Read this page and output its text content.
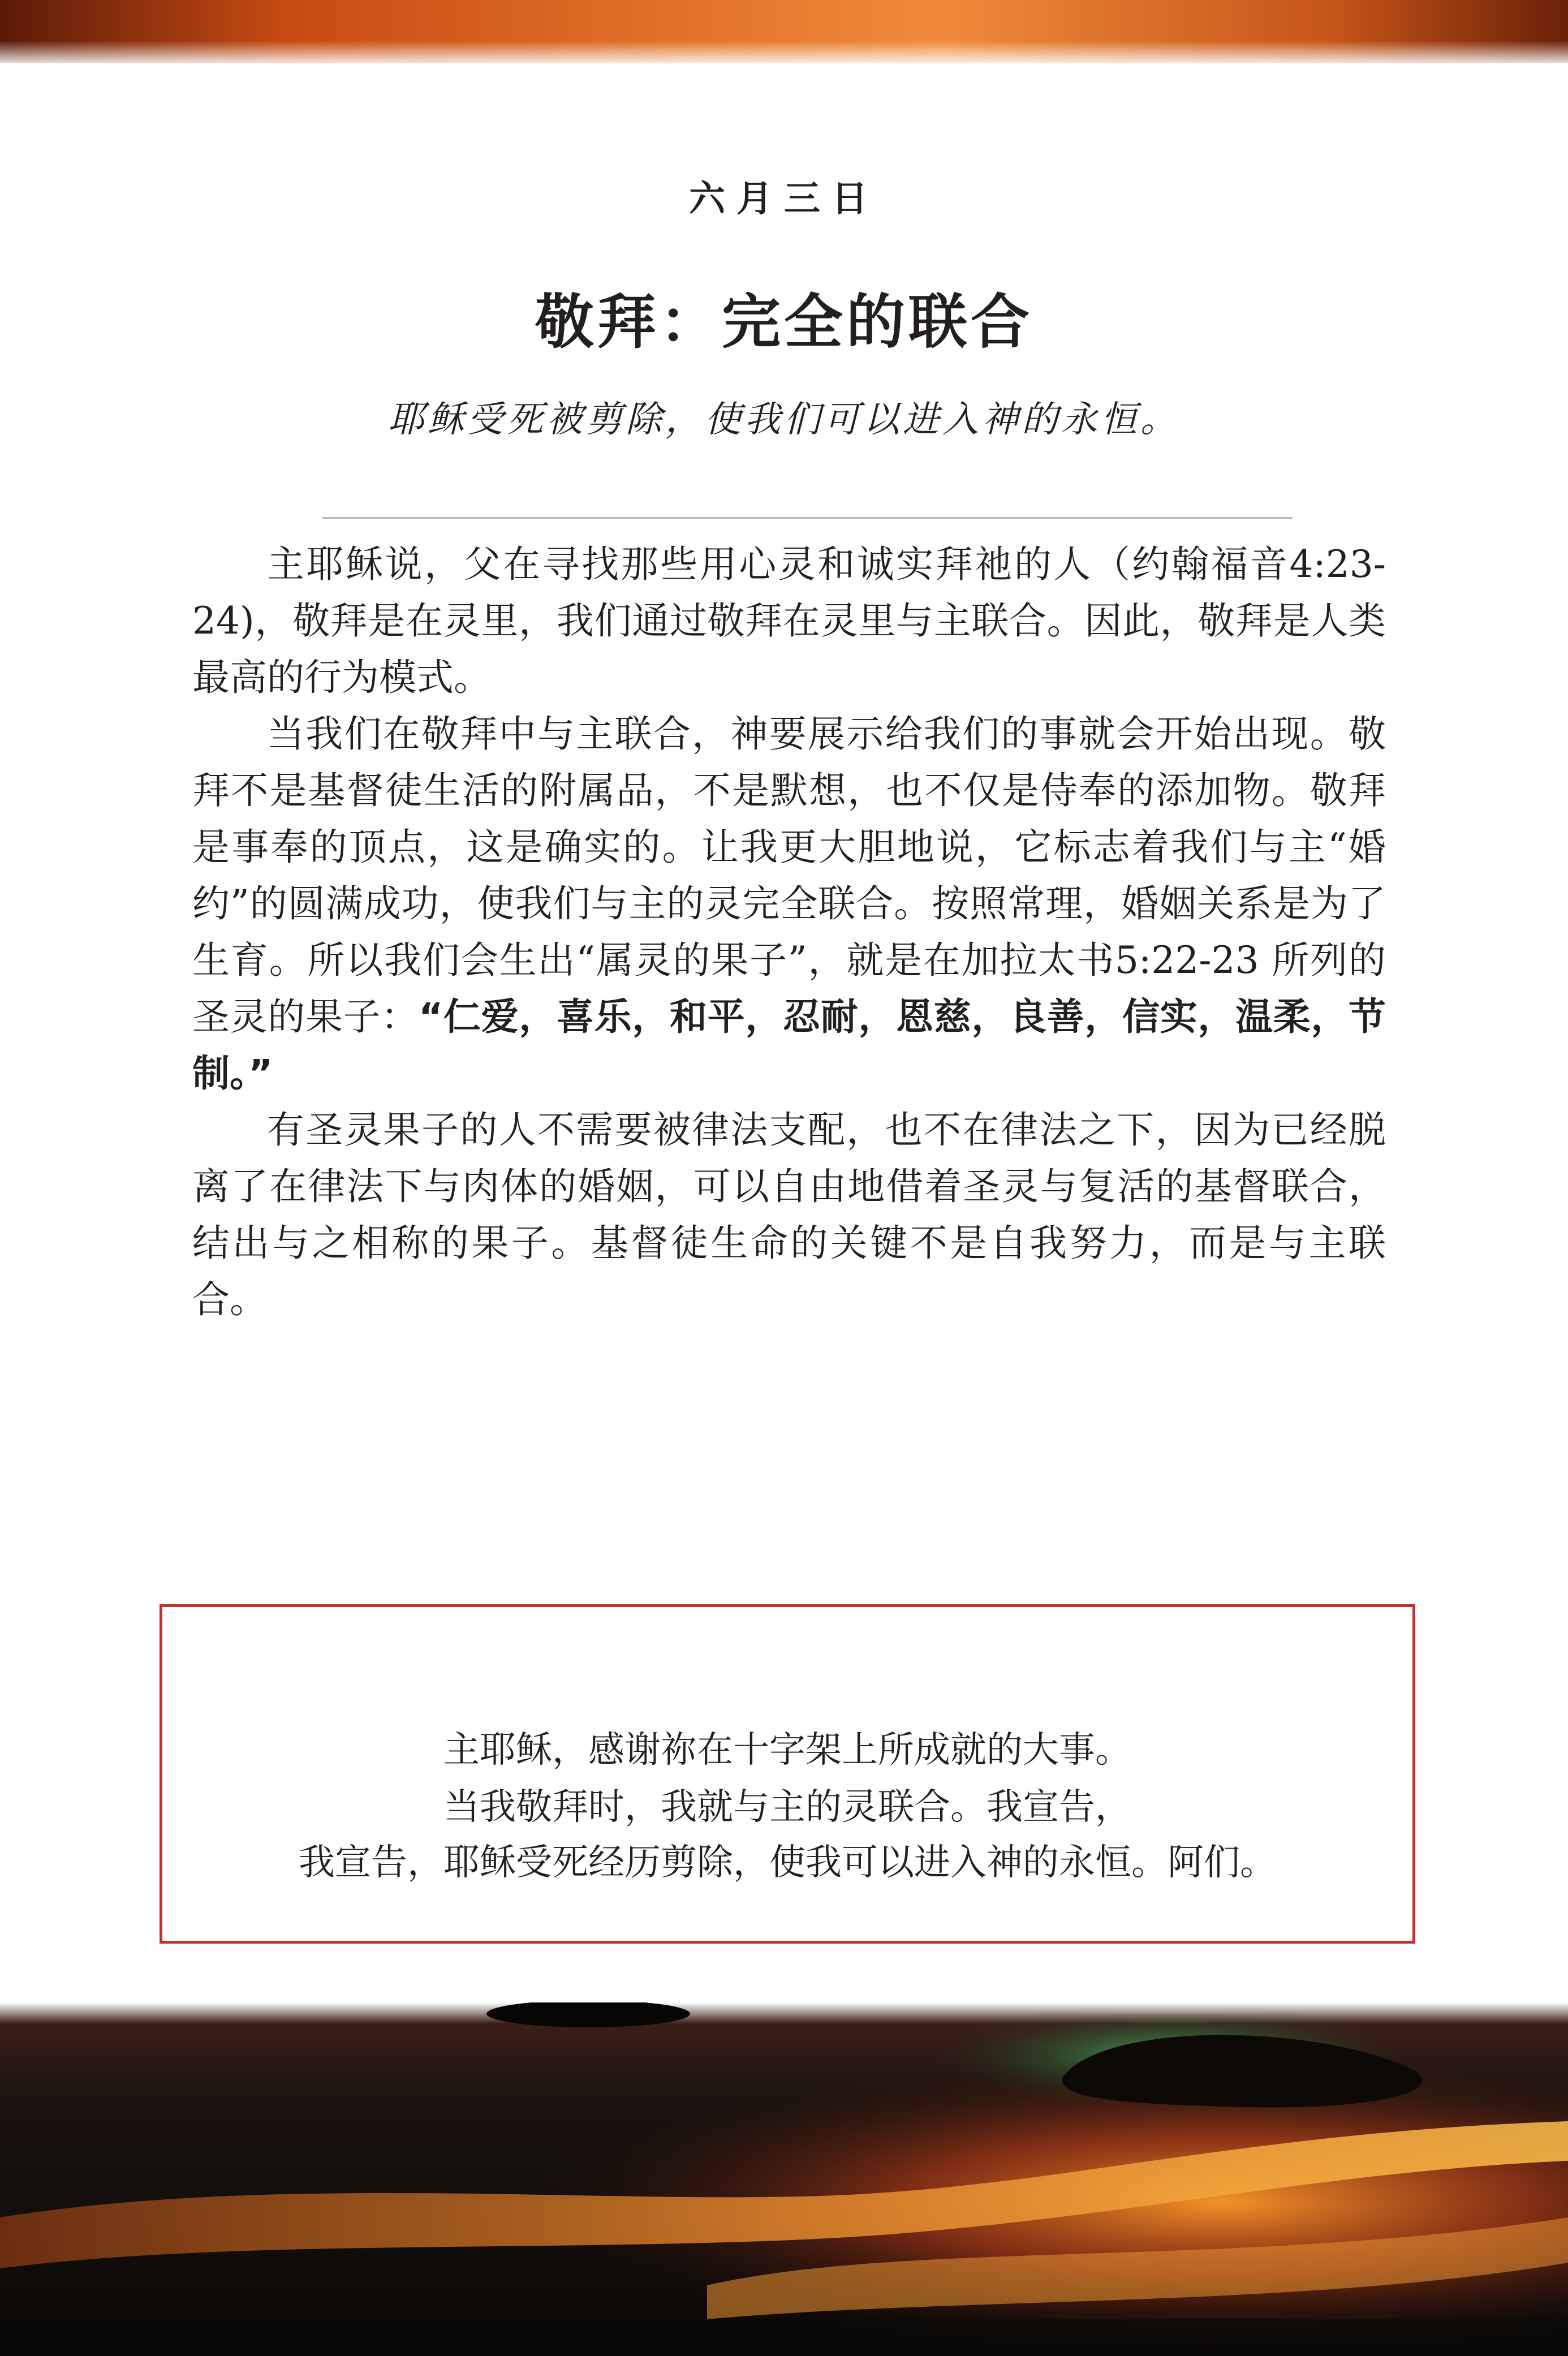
六月三日
敬拜：完全的联合
耶稣受死被剪除，使我们可以进入神的永恒。

主耶稣说，父在寻找那些用心灵和诚实拜祂的人（约翰福音4:23-24)，敬拜是在灵里，我们通过敬拜在灵里与主联合。因此，敬拜是人类最高的行为模式。

当我们在敬拜中与主联合，神要展示给我们的事就会开始出现。敬拜不是基督徒生活的附属品，不是默想，也不仅是侍奉的添加物。敬拜是事奉的顶点，这是确实的。让我更大胆地说，它标志着我们与主“婚约”的圆满成功，使我们与主的灵完全联合。按照常理，婚姻关系是为了生育。所以我们会生出“属灵的果子”，就是在加拉太书5:22-23 所列的圣灵的果子：“仁爱，喜乐，和平，忍耐，恩慈，良善，信实，温柔，节制。”

有圣灵果子的人不需要被律法支配，也不在律法之下，因为已经脱离了在律法下与肉体的婚姻，可以自由地借着圣灵与复活的基督联合，结出与之相称的果子。基督徒生命的关键不是自我努力，而是与主联合。

主耶稣，感谢祢在十字架上所成就的大事。
当我敬拜时，我就与主的灵联合。我宣告，
我宣告，耶稣受死经历剪除，使我可以进入神的永恒。阿们。
